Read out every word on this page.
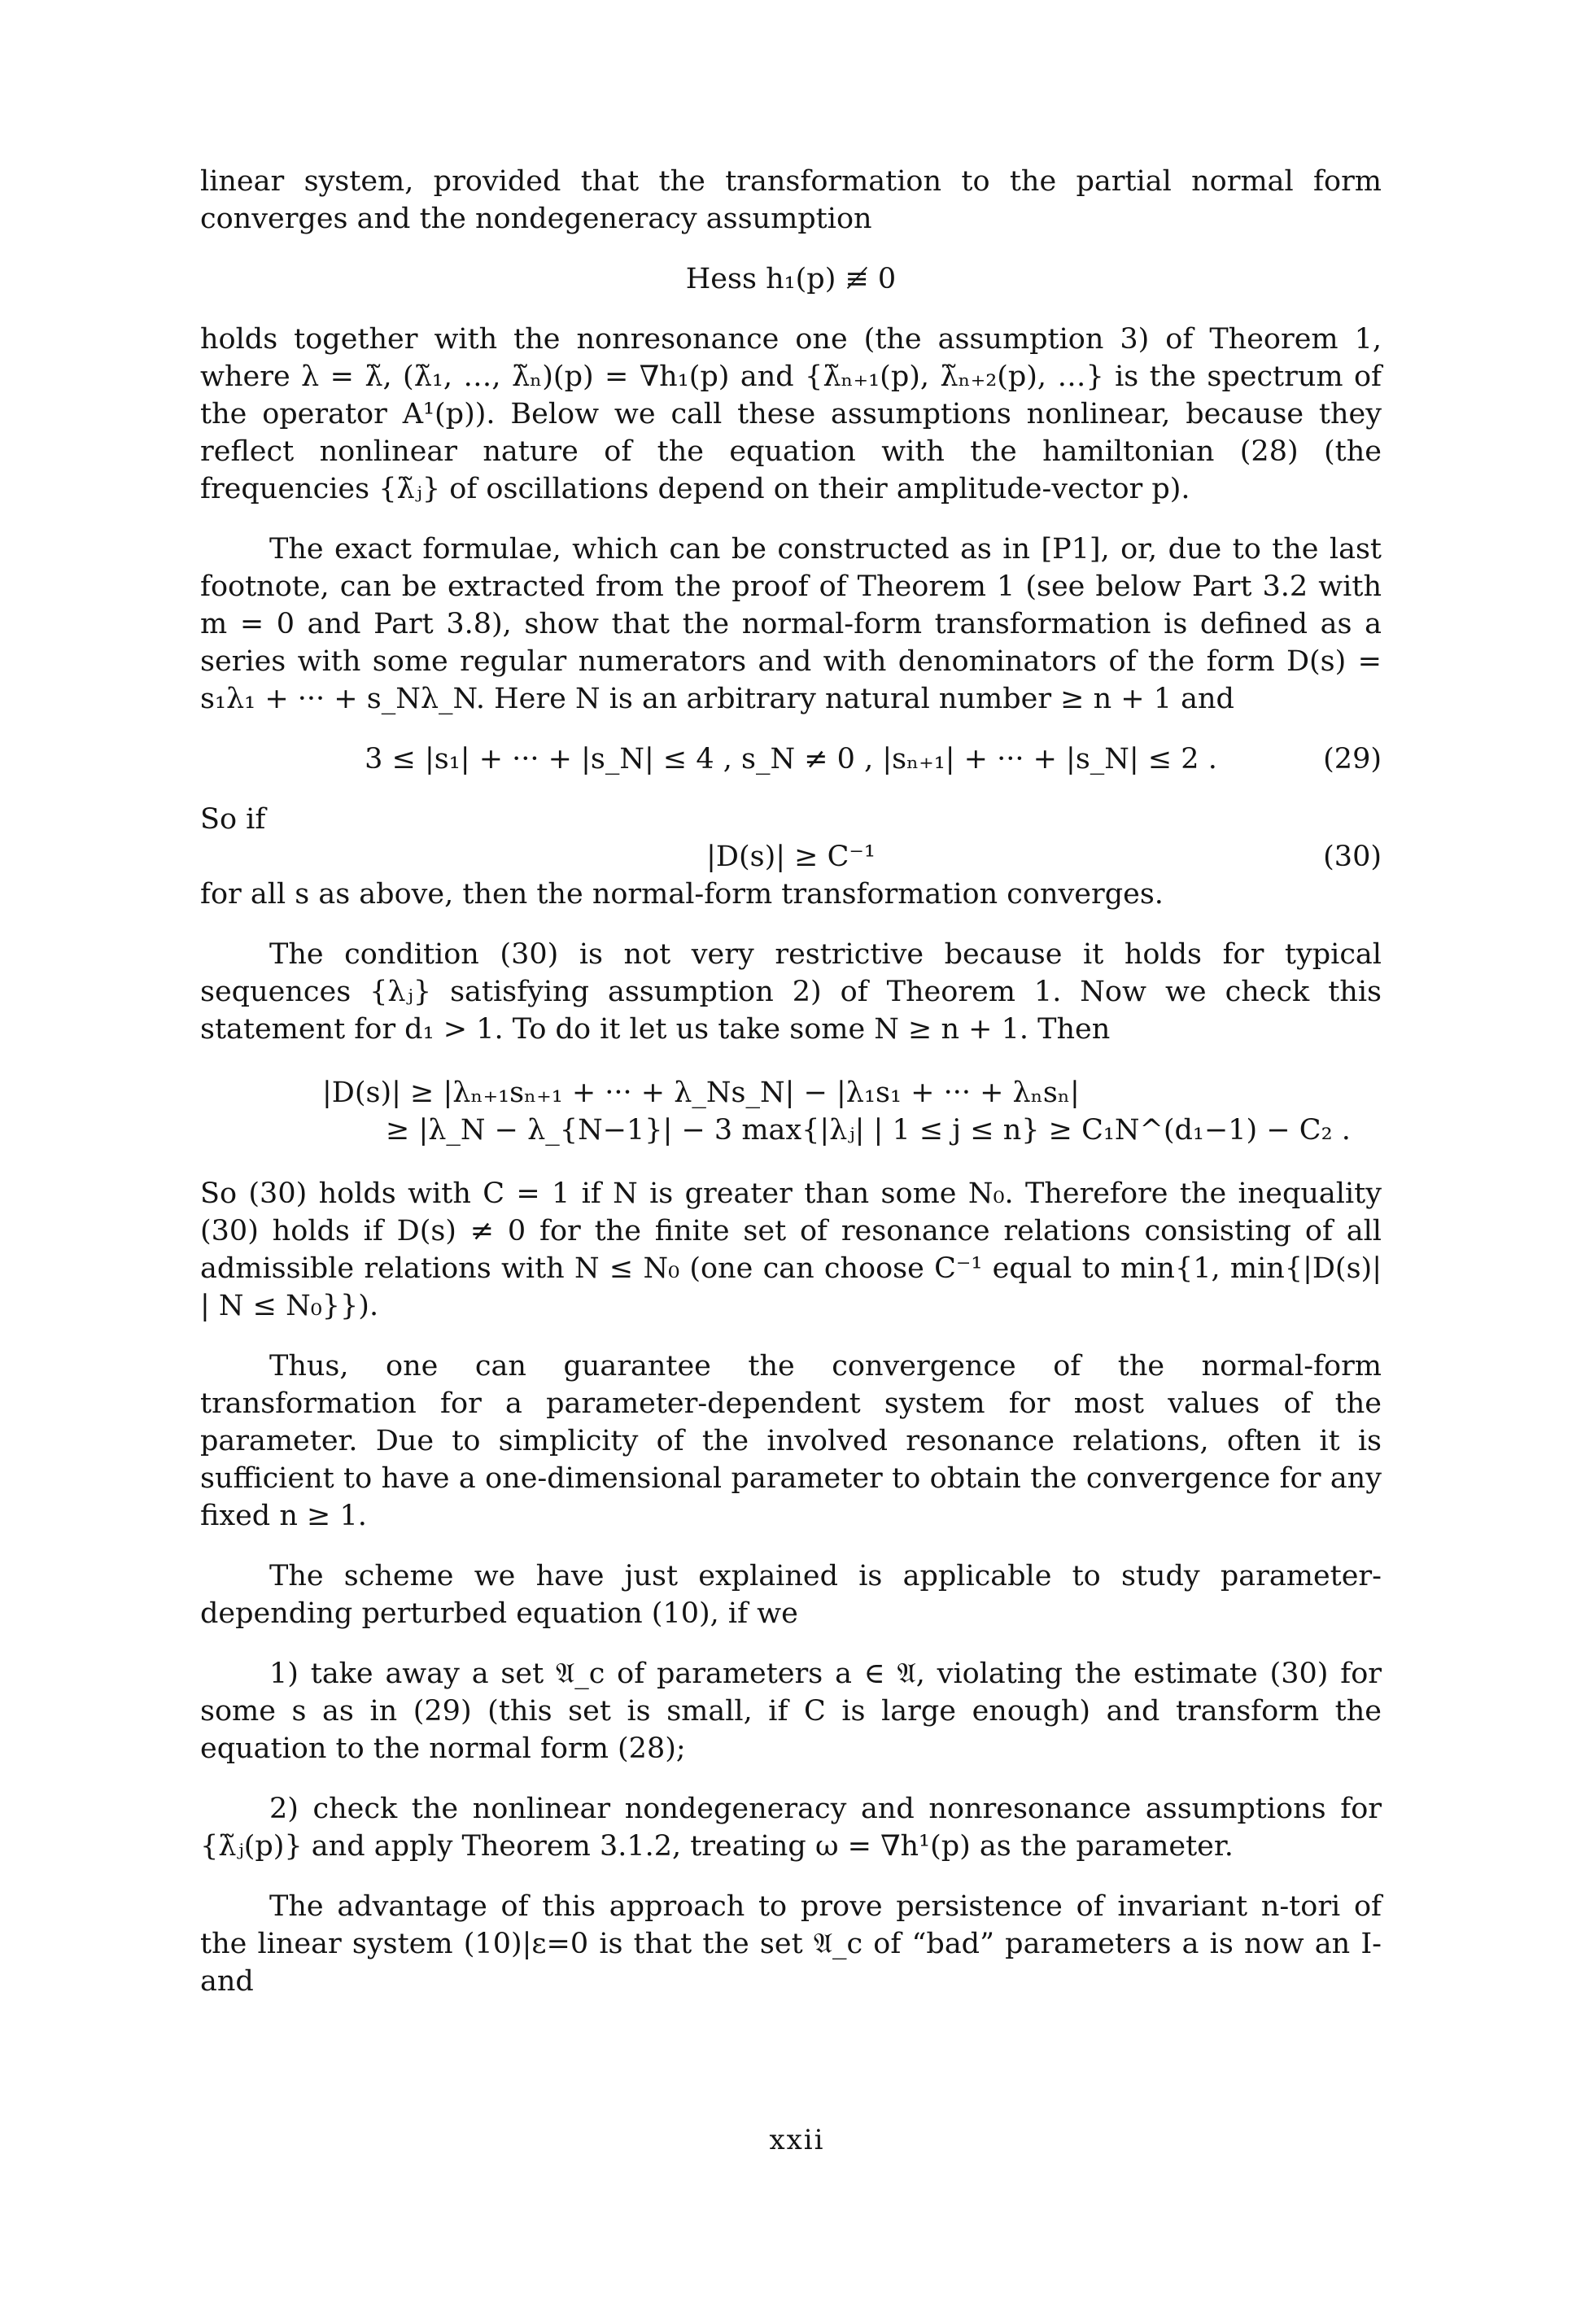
linear system, provided that the transformation to the partial normal form converges and the nondegeneracy assumption

Hess h₁(p) ≢ 0

holds together with the nonresonance one (the assumption 3) of Theorem 1, where λ = λ̃, (λ̃₁, …, λ̃ₙ)(p) = ∇h₁(p) and {λ̃ₙ₊₁(p), λ̃ₙ₊₂(p), …} is the spectrum of the operator A¹(p)). Below we call these assumptions nonlinear, because they reflect nonlinear nature of the equation with the hamiltonian (28) (the frequencies {λ̃ⱼ} of oscillations depend on their amplitude-vector p).

The exact formulae, which can be constructed as in [P1], or, due to the last footnote, can be extracted from the proof of Theorem 1 (see below Part 3.2 with m = 0 and Part 3.8), show that the normal-form transformation is defined as a series with some regular numerators and with denominators of the form D(s) = s₁λ₁ + ··· + s_Nλ_N. Here N is an arbitrary natural number ≥ n + 1 and

3 ≤ |s₁| + ··· + |s_N| ≤ 4 , s_N ≠ 0 , |sₙ₊₁| + ··· + |s_N| ≤ 2 .	(29)
So if
|D(s)| ≥ C⁻¹	(30)

for all s as above, then the normal-form transformation converges.

The condition (30) is not very restrictive because it holds for typical sequences {λⱼ} satisfying assumption 2) of Theorem 1. Now we check this statement for d₁ > 1. To do it let us take some N ≥ n + 1. Then

|D(s)| ≥ |λₙ₊₁sₙ₊₁ + ··· + λ_Ns_N| − |λ₁s₁ + ··· + λₙsₙ|
≥ |λ_N − λ_{N−1}| − 3 max{|λⱼ| | 1 ≤ j ≤ n} ≥ C₁N^(d₁−1) − C₂ .

So (30) holds with C = 1 if N is greater than some N₀. Therefore the inequality (30) holds if D(s) ≠ 0 for the finite set of resonance relations consisting of all admissible relations with N ≤ N₀ (one can choose C⁻¹ equal to min{1, min{|D(s)| | N ≤ N₀}}).

Thus, one can guarantee the convergence of the normal-form transformation for a parameter-dependent system for most values of the parameter. Due to simplicity of the involved resonance relations, often it is sufficient to have a one-dimensional parameter to obtain the convergence for any fixed n ≥ 1.

The scheme we have just explained is applicable to study parameter-depending perturbed equation (10), if we

1) take away a set 𝔄_c of parameters a ∈ 𝔄, violating the estimate (30) for some s as in (29) (this set is small, if C is large enough) and transform the equation to the normal form (28);

2) check the nonlinear nondegeneracy and nonresonance assumptions for {λ̃ⱼ(p)} and apply Theorem 3.1.2, treating ω = ∇h¹(p) as the parameter.

The advantage of this approach to prove persistence of invariant n-tori of the linear system (10)|ε=0 is that the set 𝔄_c of “bad” parameters a is now an I- and

xxii
